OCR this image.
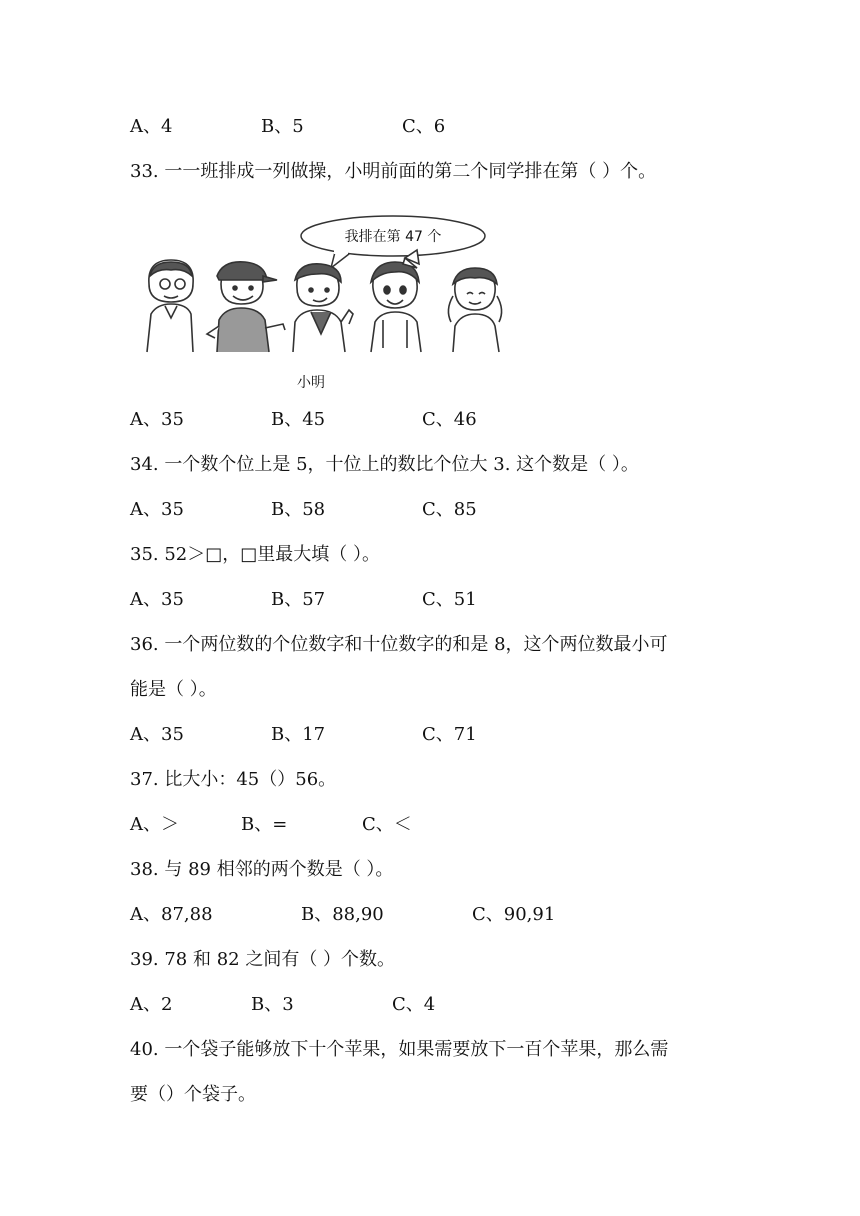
A、4	B、5	C、6
33. 一一班排成一列做操，小明前面的第二个同学排在第（ ）个。
我排在第 47 个
小明
A、35	B、45	C、46
34. 一个数个位上是 5，十位上的数比个位大 3. 这个数是（ ）。
A、35	B、58	C、85
35. 52＞□，□里最大填（ ）。
A、35	B、57	C、51
36. 一个两位数的个位数字和十位数字的和是 8，这个两位数最小可
能是（ ）。
A、35	B、17	C、71
37. 比大小：45（）56。
A、＞	B、=	C、＜
38. 与 89 相邻的两个数是（ ）。
A、87,88	B、88,90	C、90,91
39. 78 和 82 之间有（ ）个数。
A、2	B、3	C、4
40. 一个袋子能够放下十个苹果，如果需要放下一百个苹果，那么需
要（）个袋子。
